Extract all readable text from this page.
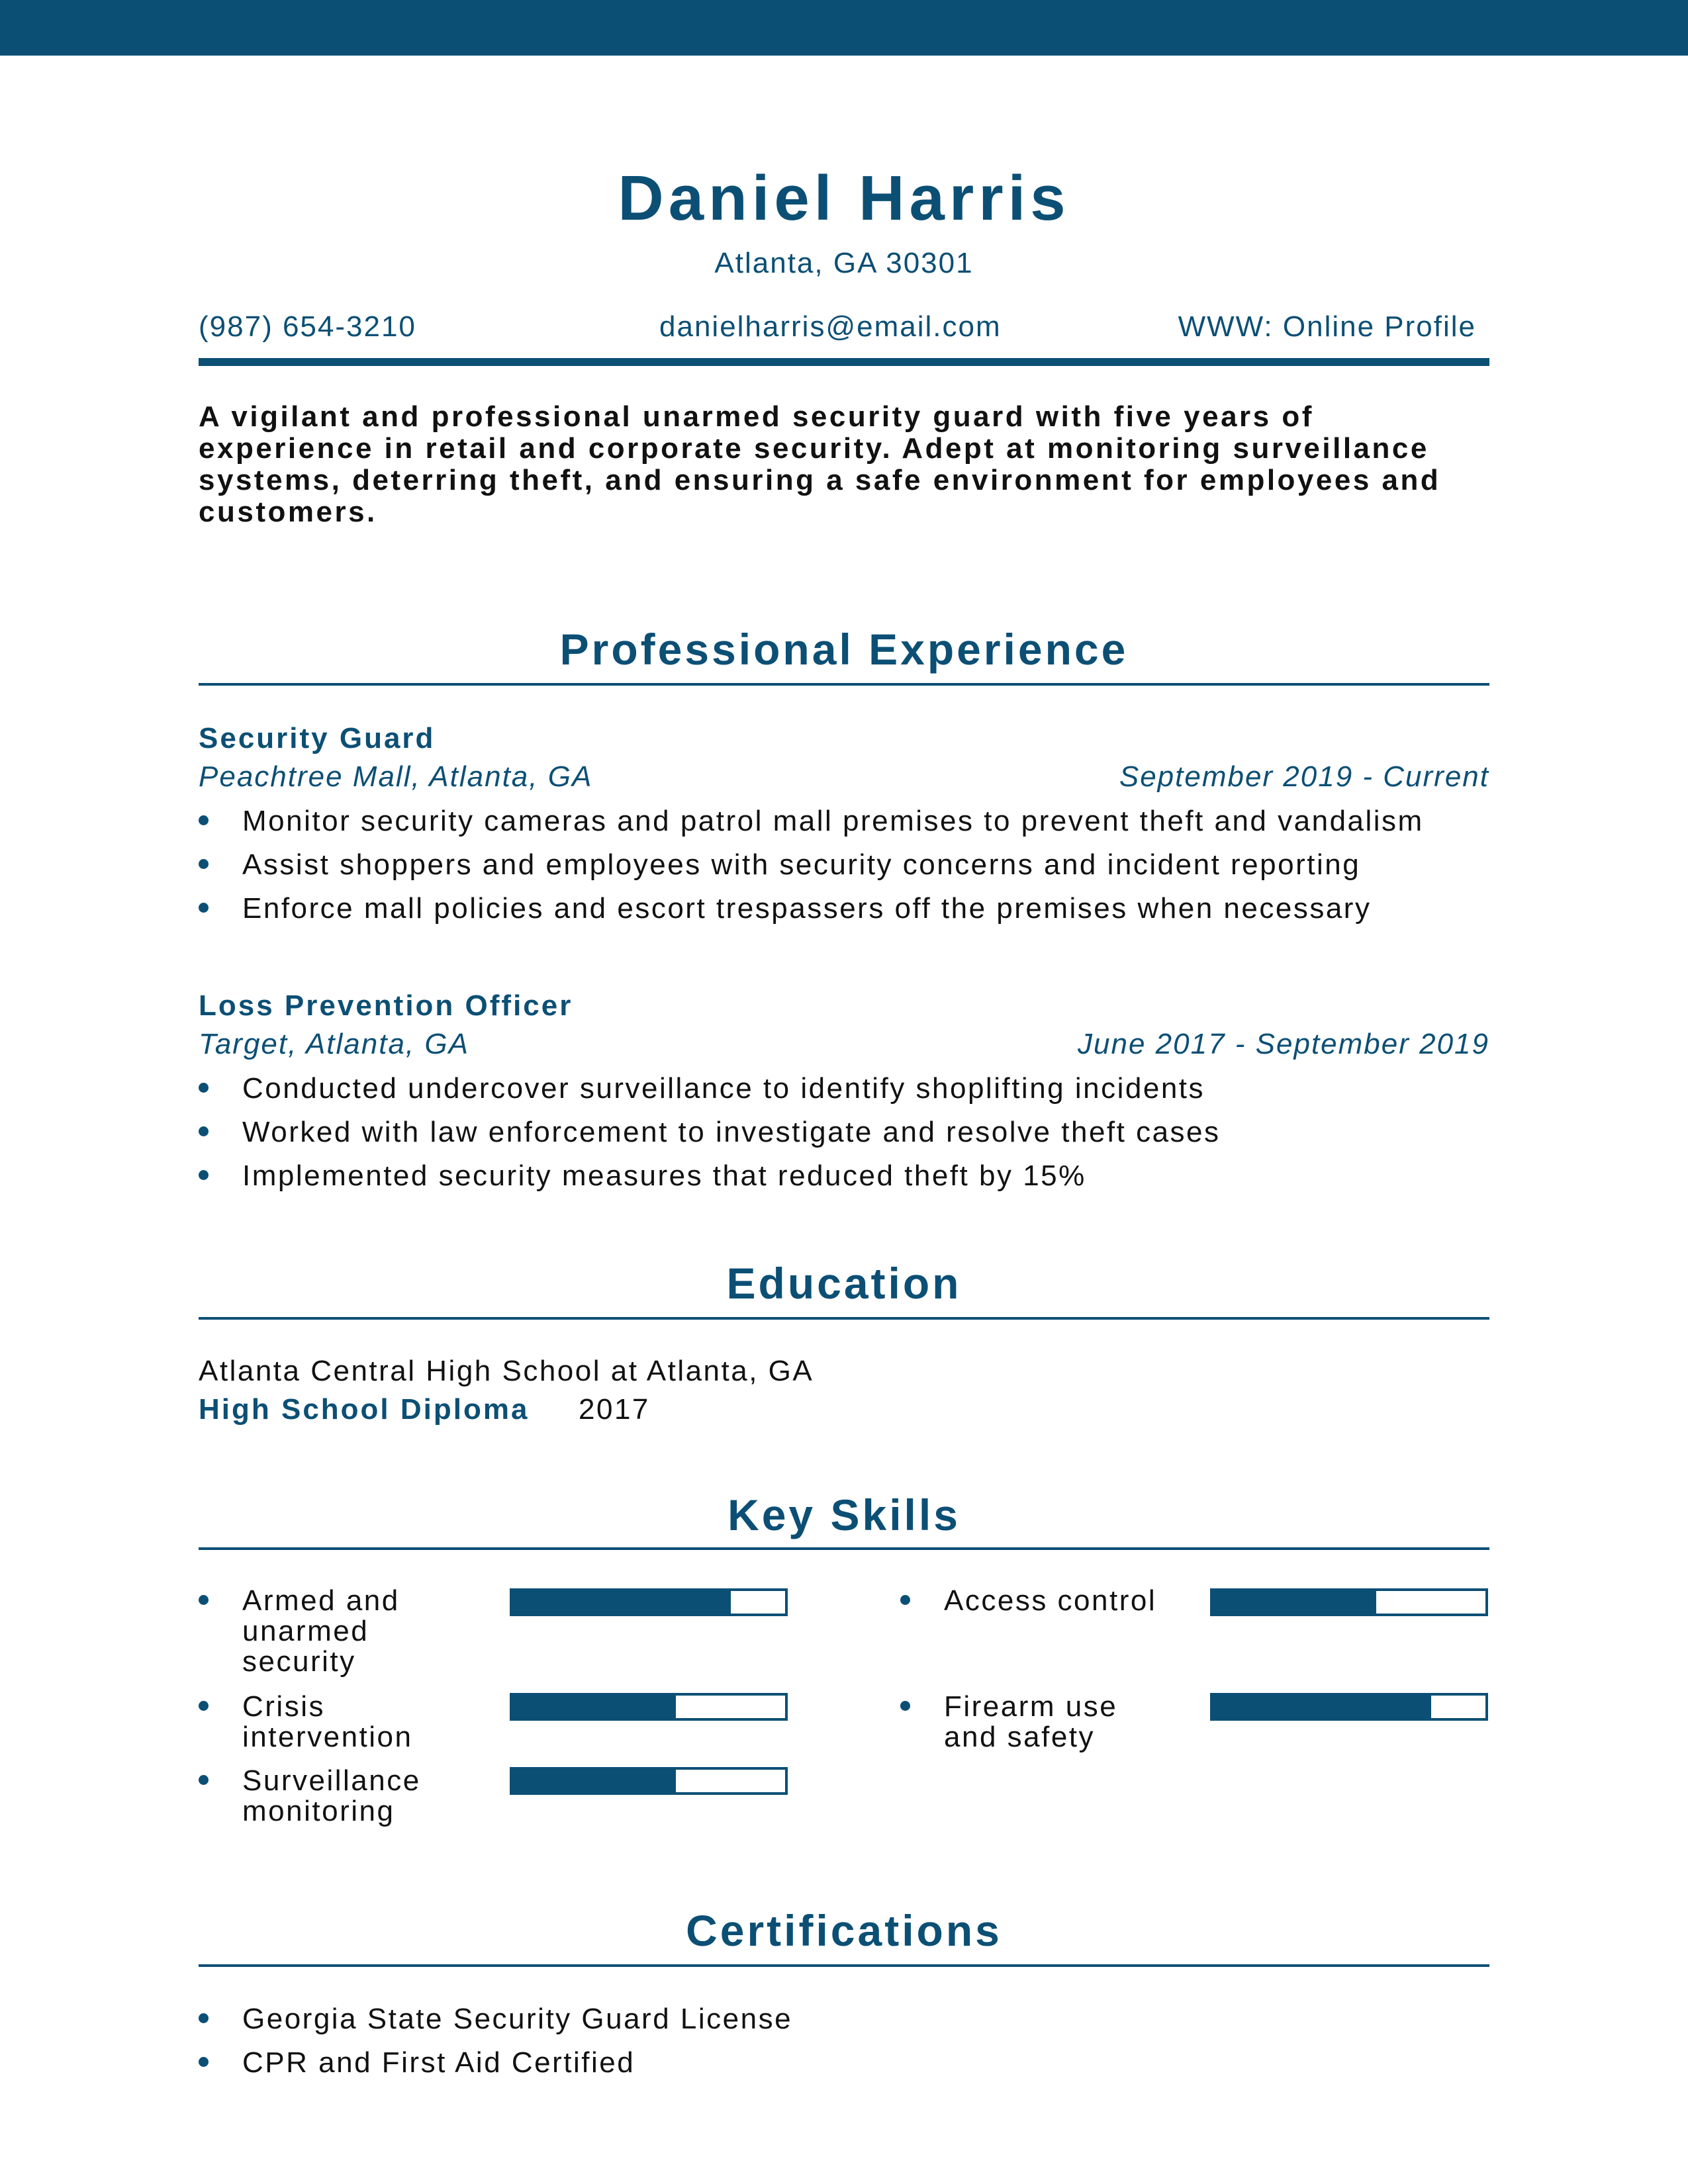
Daniel Harris
Atlanta, GA 30301
(987) 654-3210	danielharris@email.com	WWW: Online Profile
A vigilant and professional unarmed security guard with five years of experience in retail and corporate security. Adept at monitoring surveillance systems, deterring theft, and ensuring a safe environment for employees and customers.
Professional Experience
Security Guard
Peachtree Mall, Atlanta, GA	September 2019 - Current
Monitor security cameras and patrol mall premises to prevent theft and vandalism
Assist shoppers and employees with security concerns and incident reporting
Enforce mall policies and escort trespassers off the premises when necessary
Loss Prevention Officer
Target, Atlanta, GA	June 2017 - September 2019
Conducted undercover surveillance to identify shoplifting incidents
Worked with law enforcement to investigate and resolve theft cases
Implemented security measures that reduced theft by 15%
Education
Atlanta Central High School at Atlanta, GA
High School Diploma 2017
Key Skills
Armed and unarmed security
Crisis intervention
Surveillance monitoring
Access control
Firearm use and safety
Certifications
Georgia State Security Guard License
CPR and First Aid Certified
